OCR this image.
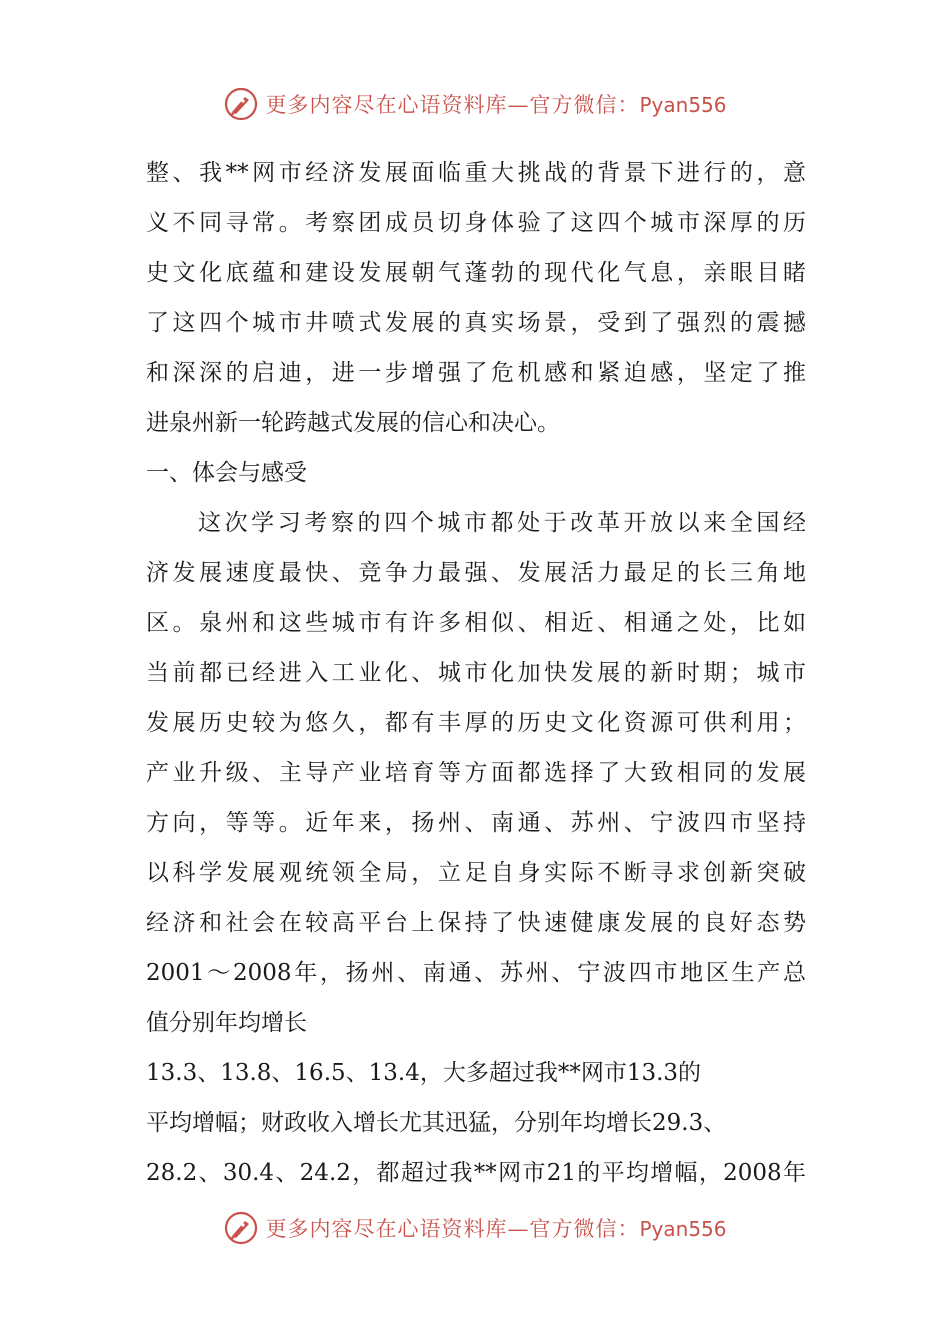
更多内容尽在心语资料库—官方微信：Pyan556
整、我**网市经济发展面临重大挑战的背景下进行的，意
义不同寻常。考察团成员切身体验了这四个城市深厚的历
史文化底蕴和建设发展朝气蓬勃的现代化气息，亲眼目睹
了这四个城市井喷式发展的真实场景，受到了强烈的震撼
和深深的启迪，进一步增强了危机感和紧迫感，坚定了推
进泉州新一轮跨越式发展的信心和决心。
一、体会与感受
这次学习考察的四个城市都处于改革开放以来全国经
济发展速度最快、竞争力最强、发展活力最足的长三角地
区。泉州和这些城市有许多相似、相近、相通之处，比如
当前都已经进入工业化、城市化加快发展的新时期；城市
发展历史较为悠久，都有丰厚的历史文化资源可供利用；
产业升级、主导产业培育等方面都选择了大致相同的发展
方向，等等。近年来，扬州、南通、苏州、宁波四市坚持
以科学发展观统领全局，立足自身实际不断寻求创新突破
经济和社会在较高平台上保持了快速健康发展的良好态势
2001～2008年，扬州、南通、苏州、宁波四市地区生产总
值分别年均增长
13.3、13.8、16.5、13.4，大多超过我**网市13.3的
平均增幅；财政收入增长尤其迅猛，分别年均增长29.3、
28.2、30.4、24.2，都超过我**网市21的平均增幅，2008年
更多内容尽在心语资料库—官方微信：Pyan556
